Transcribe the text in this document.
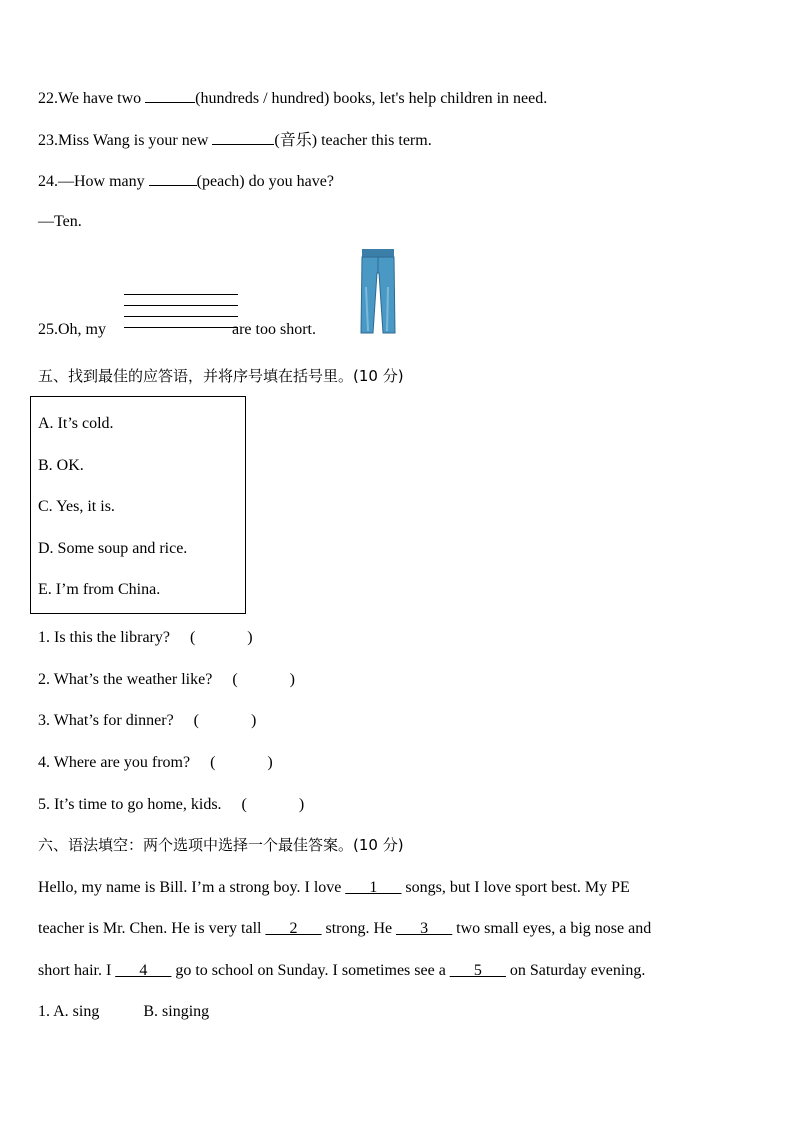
22.We have two	(hundreds / hundred) books, let's help children in need.
23.Miss Wang is your new	(音乐) teacher this term.
24.—How many	(peach) do you have?
—Ten.
25.Oh, my	are too short.
五、找到最佳的应答语，并将序号填在括号里。(10 分)
A. It’s cold.
B. OK.
C. Yes, it is.
D. Some soup and rice.
E. I’m from China.
1. Is this the library? (	)
2. What’s the weather like? (	)
3. What’s for dinner? (	)
4. Where are you from? (	)
5. It’s time to go home, kids. (	)
六、语法填空：两个选项中选择一个最佳答案。(10 分)
Hello, my name is Bill. I’m a strong boy. I love ___1___ songs, but I love sport best. My PE
teacher is Mr. Chen. He is very tall ___2___ strong. He ___3___ two small eyes, a big nose and
short hair. I ___4___ go to school on Sunday. I sometimes see a ___5___ on Saturday evening.
1. A. sing	B. singing
